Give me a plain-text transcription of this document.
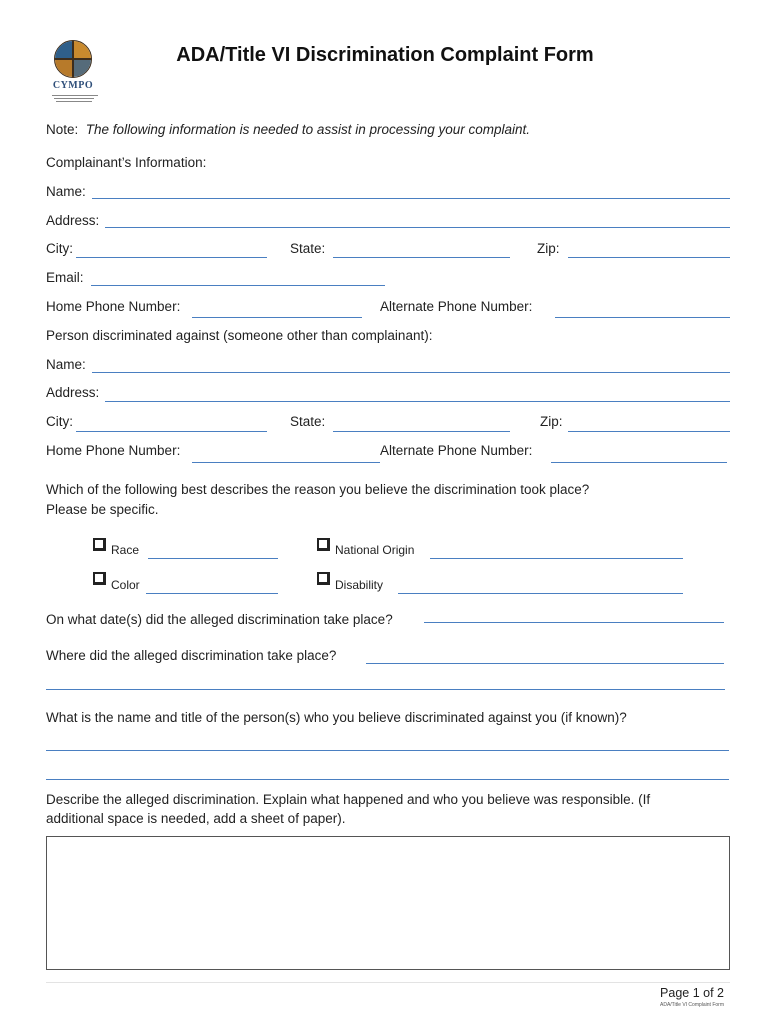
CYMPO
ADA/Title VI Discrimination Complaint Form
Note: The following information is needed to assist in processing your complaint.
Complainant’s Information:
Name:
Address:
City:	State:	Zip:
Email:
Home Phone Number:	Alternate Phone Number:
Person discriminated against (someone other than complainant):
Name:
Address:
City:	State:	Zip:
Home Phone Number:	Alternate Phone Number:
Which of the following best describes the reason you believe the discrimination took place?
Please be specific.
Race	National Origin
Color	Disability
On what date(s) did the alleged discrimination take place?
Where did the alleged discrimination take place?
What is the name and title of the person(s) who you believe discriminated against you (if known)?
Describe the alleged discrimination. Explain what happened and who you believe was responsible. (If
additional space is needed, add a sheet of paper).
Page 1 of 2
ADA/Title VI Complaint Form
